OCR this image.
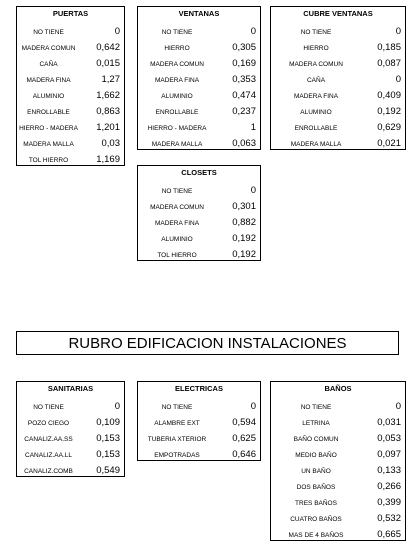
PUERTAS
NO TIENE	0
MADERA COMUN	0,642
CAÑA	0,015
MADERA FINA	1,27
ALUMINIO	1,662
ENROLLABLE	0,863
HIERRO - MADERA	1,201
MADERA MALLA	0,03
TOL HIERRO	1,169
VENTANAS
NO TIENE	0
HIERRO	0,305
MADERA COMUN	0,169
MADERA FINA	0,353
ALUMINIO	0,474
ENROLLABLE	0,237
HIERRO - MADERA	1
MADERA MALLA	0,063
CUBRE VENTANAS
NO TIENE	0
HIERRO	0,185
MADERA COMUN	0,087
CAÑA	0
MADERA FINA	0,409
ALUMINIO	0,192
ENROLLABLE	0,629
MADERA MALLA	0,021
CLOSETS
NO TIENE	0
MADERA COMUN	0,301
MADERA FINA	0,882
ALUMINIO	0,192
TOL HIERRO	0,192
RUBRO EDIFICACION INSTALACIONES
SANITARIAS
NO TIENE	0
POZO CIEGO	0,109
CANALIZ.AA.SS	0,153
CANALIZ.AA.LL	0,153
CANALIZ.COMB	0,549
ELECTRICAS
NO TIENE	0
ALAMBRE EXT	0,594
TUBERIA XTERIOR	0,625
EMPOTRADAS	0,646
BAÑOS
NO TIENE	0
LETRINA	0,031
BAÑO COMUN	0,053
MEDIO BAÑO	0,097
UN BAÑO	0,133
DOS BAÑOS	0,266
TRES BAÑOS	0,399
CUATRO BAÑOS	0,532
MAS DE 4 BAÑOS	0,665
